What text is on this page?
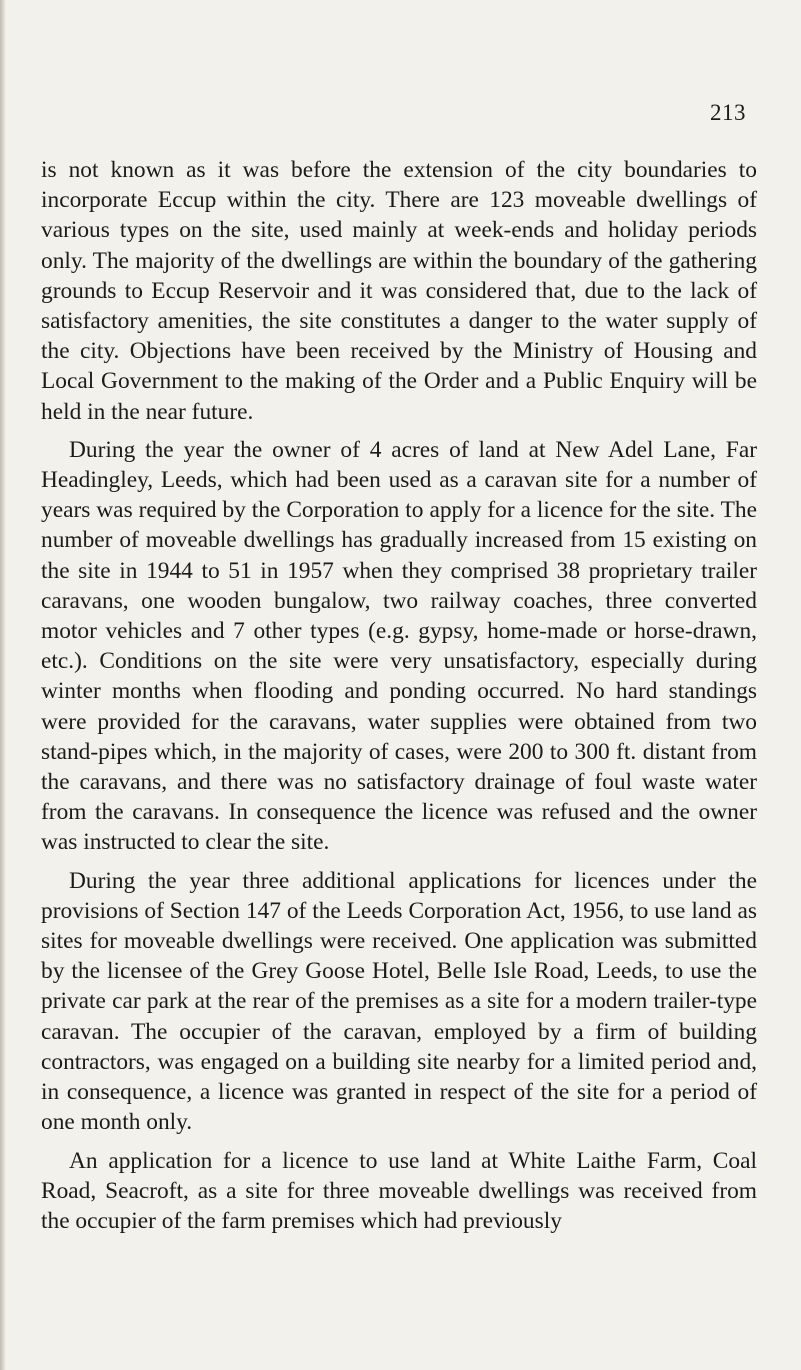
213

is not known as it was before the extension of the city boundaries to incorporate Eccup within the city. There are 123 moveable dwellings of various types on the site, used mainly at week-ends and holiday periods only. The majority of the dwellings are within the boundary of the gathering grounds to Eccup Reservoir and it was considered that, due to the lack of satisfactory amenities, the site constitutes a danger to the water supply of the city. Objections have been received by the Ministry of Housing and Local Government to the making of the Order and a Public Enquiry will be held in the near future.

During the year the owner of 4 acres of land at New Adel Lane, Far Headingley, Leeds, which had been used as a caravan site for a number of years was required by the Corporation to apply for a licence for the site. The number of moveable dwellings has gradually increased from 15 existing on the site in 1944 to 51 in 1957 when they comprised 38 proprietary trailer caravans, one wooden bungalow, two railway coaches, three converted motor vehicles and 7 other types (e.g. gypsy, home-made or horse-drawn, etc.). Conditions on the site were very unsatisfactory, especially during winter months when flooding and ponding occurred. No hard standings were provided for the caravans, water supplies were obtained from two stand-pipes which, in the majority of cases, were 200 to 300 ft. distant from the caravans, and there was no satisfactory drainage of foul waste water from the caravans. In consequence the licence was refused and the owner was instructed to clear the site.

During the year three additional applications for licences under the provisions of Section 147 of the Leeds Corporation Act, 1956, to use land as sites for moveable dwellings were received. One application was submitted by the licensee of the Grey Goose Hotel, Belle Isle Road, Leeds, to use the private car park at the rear of the premises as a site for a modern trailer-type caravan. The occupier of the caravan, employed by a firm of building contractors, was engaged on a building site nearby for a limited period and, in consequence, a licence was granted in respect of the site for a period of one month only.

An application for a licence to use land at White Laithe Farm, Coal Road, Seacroft, as a site for three moveable dwellings was received from the occupier of the farm premises which had previously
